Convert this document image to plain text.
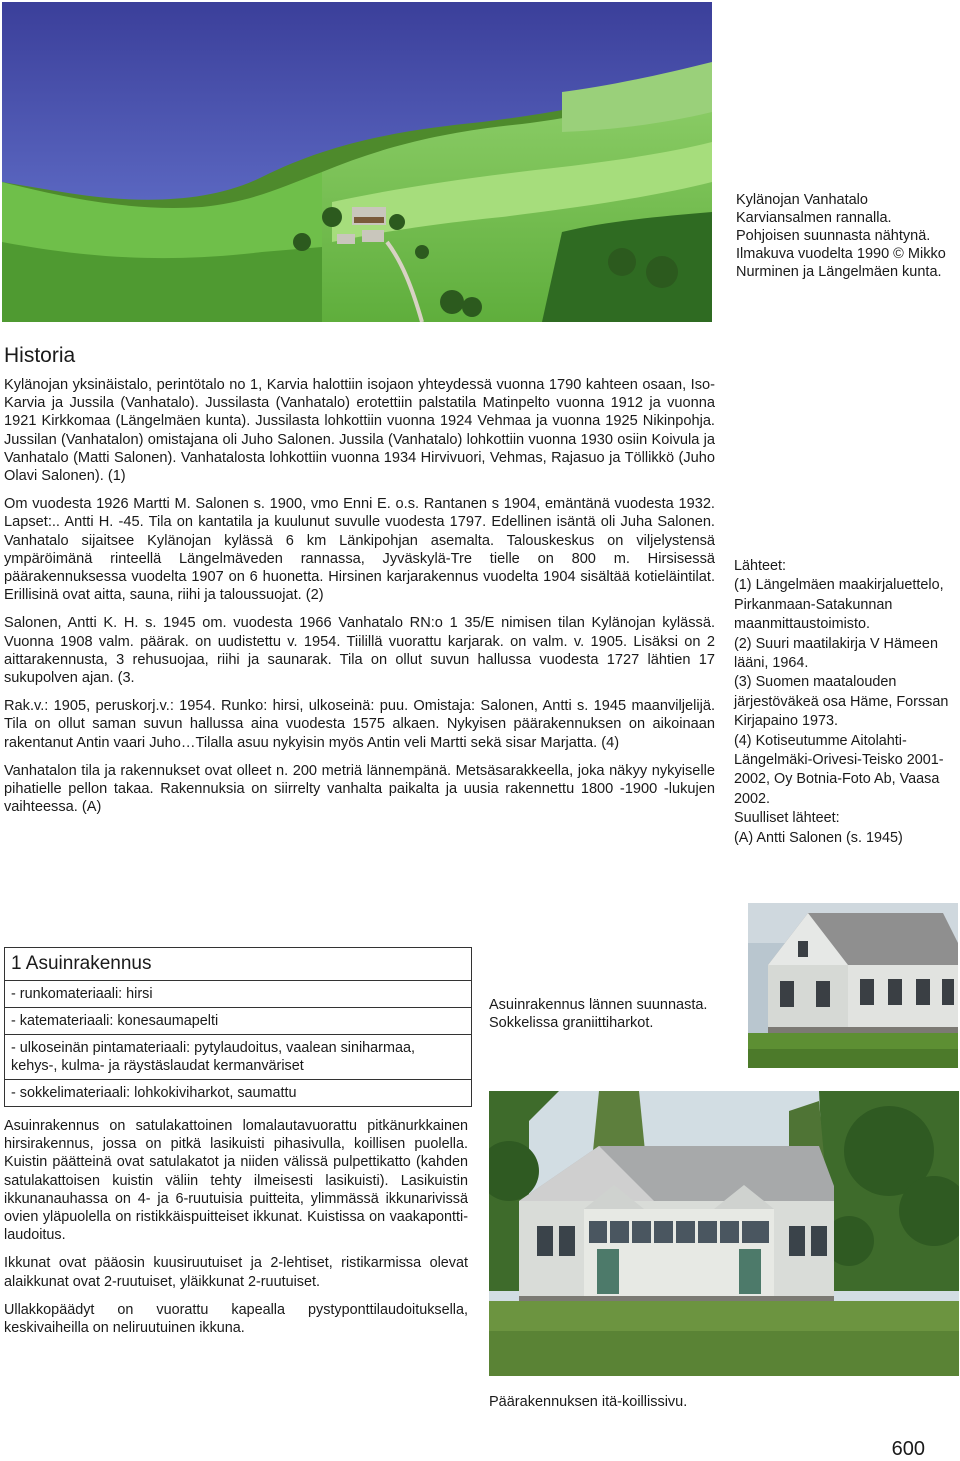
Kylänojan Vanhatalo Karviansalmen rannalla. Pohjoisen suunnasta nähtynä. Ilmakuva vuodelta 1990 © Mikko Nurminen ja Längelmäen kunta.
Historia

Kylänojan yksinäistalo, perintötalo no 1, Karvia halottiin isojaon yhteydessä vuonna 1790 kahteen osaan, Iso-Karvia ja Jussila (Vanhatalo). Jussilasta (Vanhatalo) erotettiin palstatila Matinpelto vuonna 1912 ja vuonna 1921 Kirkkomaa (Längelmäen kunta). Jussilasta lohkottiin vuonna 1924 Vehmaa ja vuonna 1925 Nikinpohja. Jussilan (Vanhatalon) omistajana oli Juho Salonen. Jussila (Vanhatalo) lohkottiin vuonna 1930 osiin Koivula ja Vanhatalo (Matti Salonen). Vanhatalosta lohkottiin vuonna 1934 Hirvivuori, Vehmas, Rajasuo ja Töllikkö (Juho Olavi Salonen). (1)

Om vuodesta 1926 Martti M. Salonen s. 1900, vmo Enni E. o.s. Rantanen s 1904, emäntänä vuodesta 1932. Lapset:.. Antti H. -45. Tila on kantatila ja kuulunut suvulle vuodesta 1797. Edellinen isäntä oli Juha Salonen. Vanhatalo sijaitsee Kylänojan kylässä 6 km Länkipohjan asemalta. Talouskeskus on viljelystensä ympäröimänä rinteellä Längelmäveden rannassa, Jyväskylä-Tre tielle on 800 m. Hirsisessä päärakennuksessa vuodelta 1907 on 6 huonetta. Hirsinen karjarakennus vuodelta 1904 sisältää kotieläintilat. Erillisinä ovat aitta, sauna, riihi ja taloussuojat. (2)

Salonen, Antti K. H. s. 1945 om. vuodesta 1966 Vanhatalo RN:o 1 35/E nimisen tilan Kylänojan kylässä. Vuonna 1908 valm. päärak. on uudistettu v. 1954. Tiilillä vuorattu karjarak. on valm. v. 1905. Lisäksi on 2 aittarakennusta, 3 rehusuojaa, riihi ja saunarak. Tila on ollut suvun hallussa vuodesta 1727 lähtien 17 sukupolven ajan. (3.

Rak.v.: 1905, peruskorj.v.: 1954. Runko: hirsi, ulkoseinä: puu. Omistaja: Salonen, Antti s. 1945 maanviljelijä. Tila on ollut saman suvun hallussa aina vuodesta 1575 alkaen. Nykyisen päärakennuksen on aikoinaan rakentanut Antin vaari Juho…Tilalla asuu nykyisin myös Antin veli Martti sekä sisar Marjatta. (4)

Vanhatalon tila ja rakennukset ovat olleet n. 200 metriä lännempänä. Metsäsarakkeella, joka näkyy nykyiselle pihatielle pellon takaa. Rakennuksia on siirrelty vanhalta paikalta ja uusia rakennettu 1800 -1900 -lukujen vaihteessa. (A)

Lähteet:
(1) Längelmäen maakirjaluettelo, Pirkanmaan-Satakunnan maanmittaustoimisto.
(2) Suuri maatilakirja V Hämeen lääni, 1964.
(3) Suomen maatalouden järjestöväkeä osa Häme, Forssan Kirjapaino 1973.
(4) Kotiseutumme Aitolahti-Längelmäki-Orivesi-Teisko 2001-2002, Oy Botnia-Foto Ab, Vaasa 2002.
Suulliset lähteet:
(A) Antti Salonen (s. 1945)
1 Asuinrakennus
- runkomateriaali: hirsi
- katemateriaali: konesaumapelti
- ulkoseinän pintamateriaali: pytylaudoitus, vaalean siniharmaa, kehys-, kulma- ja räystäslaudat kermanväriset
- sokkelimateriaali: lohkokiviharkot, saumattu
Asuinrakennus lännen suunnasta. Sokkelissa graniittiharkot.

Asuinrakennus on satulakattoinen lomalautavuorattu pitkänurkkainen hirsirakennus, jossa on pitkä lasikuisti pihasivulla, koillisen puolella. Kuistin päätteinä ovat satulakatot ja niiden välissä pulpettikatto (kahden satulakattoisen kuistin väliin tehty ilmeisesti lasikuisti). Lasikuistin ikkunanauhassa on 4- ja 6-ruutuisia puitteita, ylimmässä ikkunarivissä ovien yläpuolella on ristikkäispuitteiset ikkunat. Kuistissa on vaakaponttilaudoitus.

Ikkunat ovat pääosin kuusiruutuiset ja 2-lehtiset, ristikarmissa olevat alaikkunat ovat 2-ruutuiset, yläikkunat 2-ruutuiset.

Ullakkopäädyt on vuorattu kapealla pystyponttilaudoituksella, keskivaiheilla on neliruutuinen ikkuna.

Päärakennuksen itä-koillissivu.
600
